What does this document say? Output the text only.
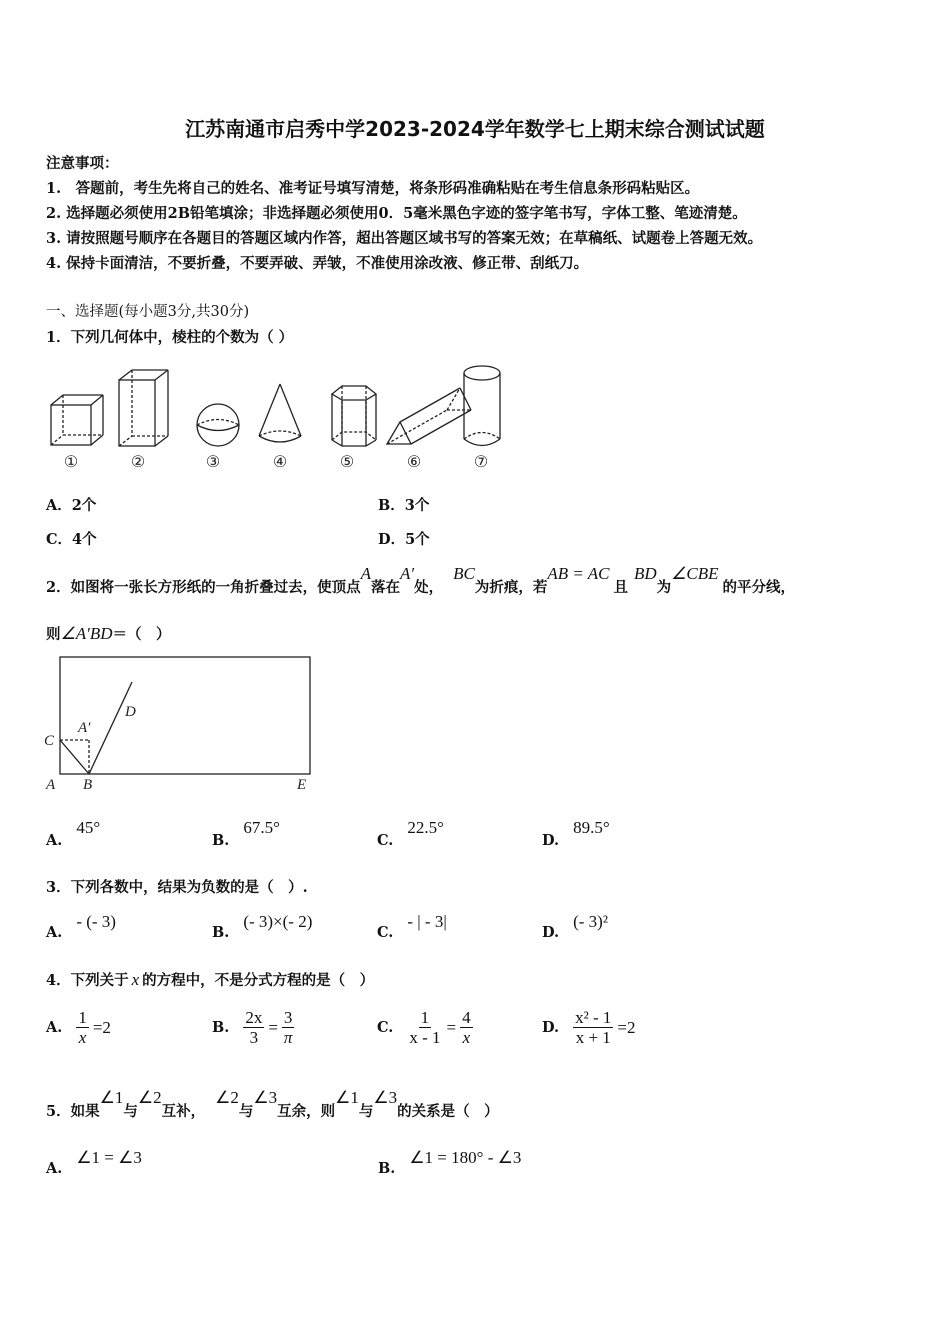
江苏南通市启秀中学2023-2024学年数学七上期末综合测试试题
注意事项：
1.　答题前，考生先将自己的姓名、准考证号填写清楚，将条形码准确粘贴在考生信息条形码粘贴区。
2. 选择题必须使用2B铅笔填涂；非选择题必须使用0．5毫米黑色字迹的签字笔书写，字体工整、笔迹清楚。
3. 请按照题号顺序在各题目的答题区域内作答，超出答题区域书写的答案无效；在草稿纸、试题卷上答题无效。
4. 保持卡面清洁，不要折叠，不要弄破、弄皱，不准使用涂改液、修正带、刮纸刀。
一、选择题(每小题3分,共30分)
1．下列几何体中，棱柱的个数为（ ）
①	②	③	④	⑤	⑥	⑦
A．2个	B．3个
C．4个	D．5个
2．如图将一张长方形纸的一角折叠过去，使顶点
A
落在
A′
处，
BC
为折痕，若
AB = AC
且
BD
为
∠CBE
的平分线，
则 ∠A′BD ＝（　）
C
A′
D
A B	E
A.
45°
B.
67.5°
C.
22.5°
D.
89.5°
3．下列各数中，结果为负数的是（　）.
A.
- (- 3)
B.
(- 3)×(- 2)
C.
- | - 3|
D.
(- 3)²
4．下列关于 x 的方程中，不是分式方程的是（　）
A. $\frac{1}{x} =2$	B. $\frac{2x}{3} = \frac{3}{\pi}$	C. $\frac{1}{x - 1} = \frac{4}{x}$	D. $\frac{\text{x² - 1}}{x + 1} =2$
5．如果
∠1
与
∠2
互补，
∠2
与
∠3
互余，则
∠1
与
∠3
的关系是（　）
A.
∠1 = ∠3
B.
∠1 = 180° - ∠3
